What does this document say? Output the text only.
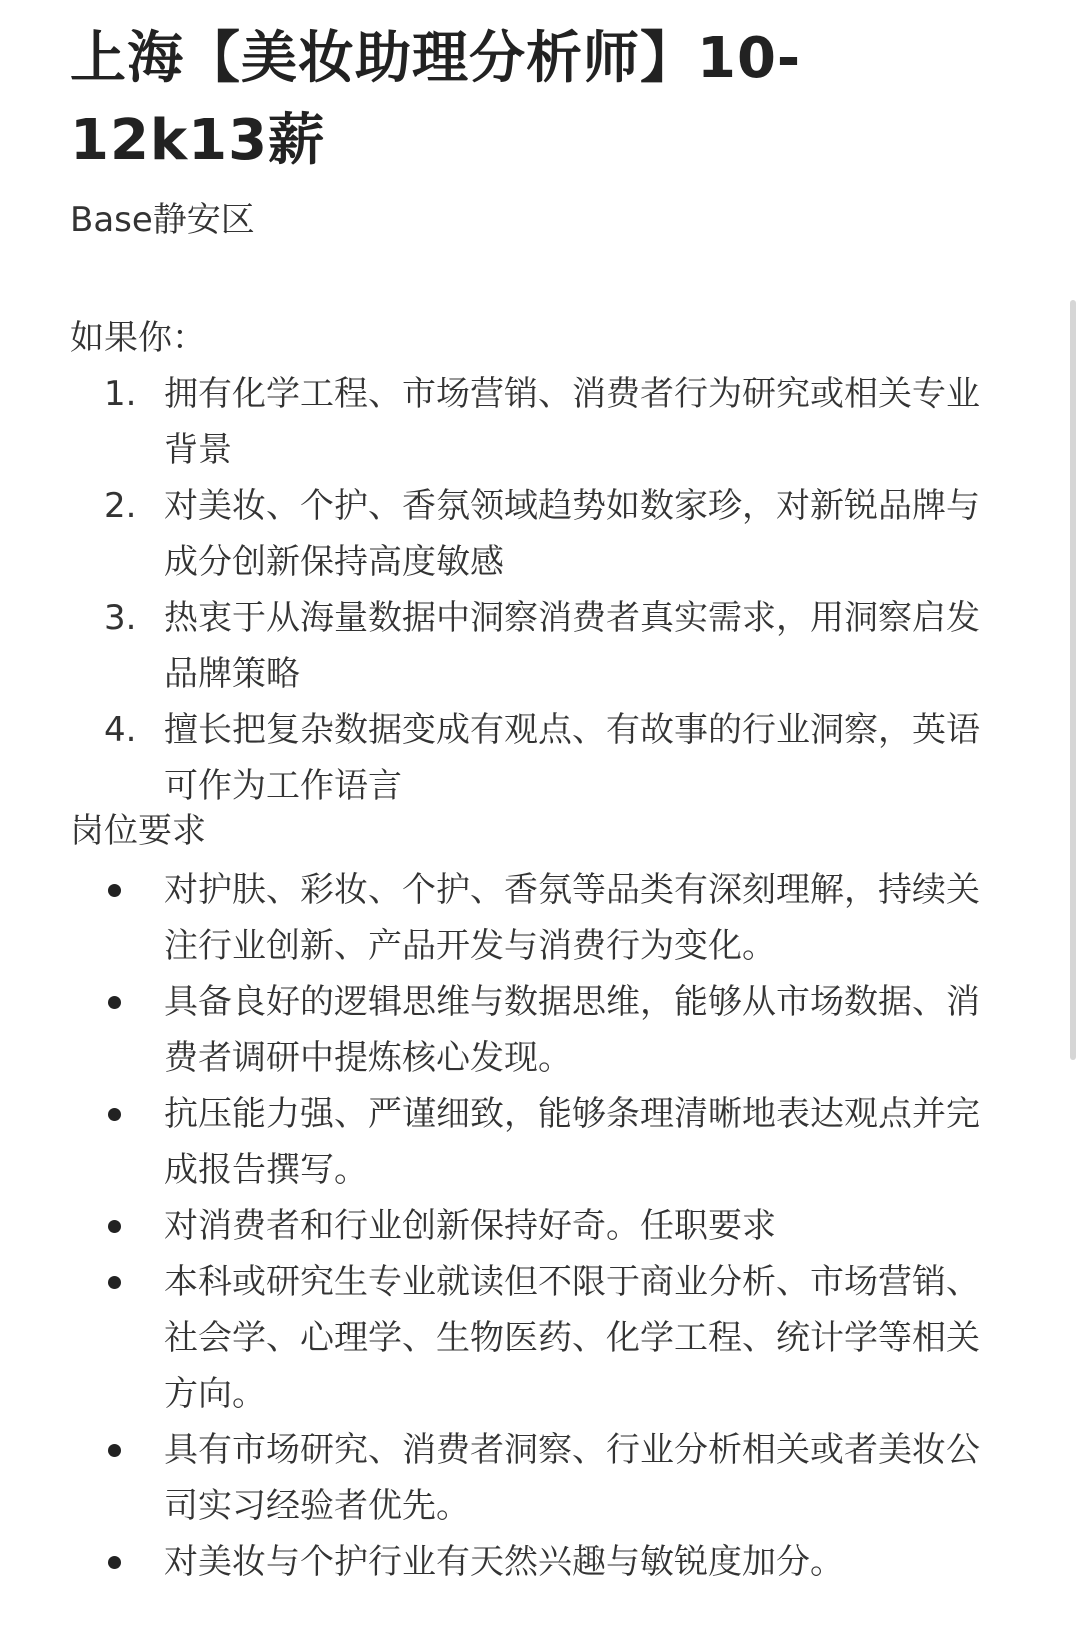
上海【美妆助理分析师】10-12k13薪
Base静安区
如果你：
1. 拥有化学工程、市场营销、消费者行为研究或相关专业背景
2. 对美妆、个护、香氛领域趋势如数家珍，对新锐品牌与成分创新保持高度敏感
3. 热衷于从海量数据中洞察消费者真实需求，用洞察启发品牌策略
4. 擅长把复杂数据变成有观点、有故事的行业洞察，英语可作为工作语言
岗位要求
对护肤、彩妆、个护、香氛等品类有深刻理解，持续关注行业创新、产品开发与消费行为变化。
具备良好的逻辑思维与数据思维，能够从市场数据、消费者调研中提炼核心发现。
抗压能力强、严谨细致，能够条理清晰地表达观点并完成报告撰写。
对消费者和行业创新保持好奇。任职要求
本科或研究生专业就读但不限于商业分析、市场营销、社会学、心理学、生物医药、化学工程、统计学等相关方向。
具有市场研究、消费者洞察、行业分析相关或者美妆公司实习经验者优先。
对美妆与个护行业有天然兴趣与敏锐度加分。
